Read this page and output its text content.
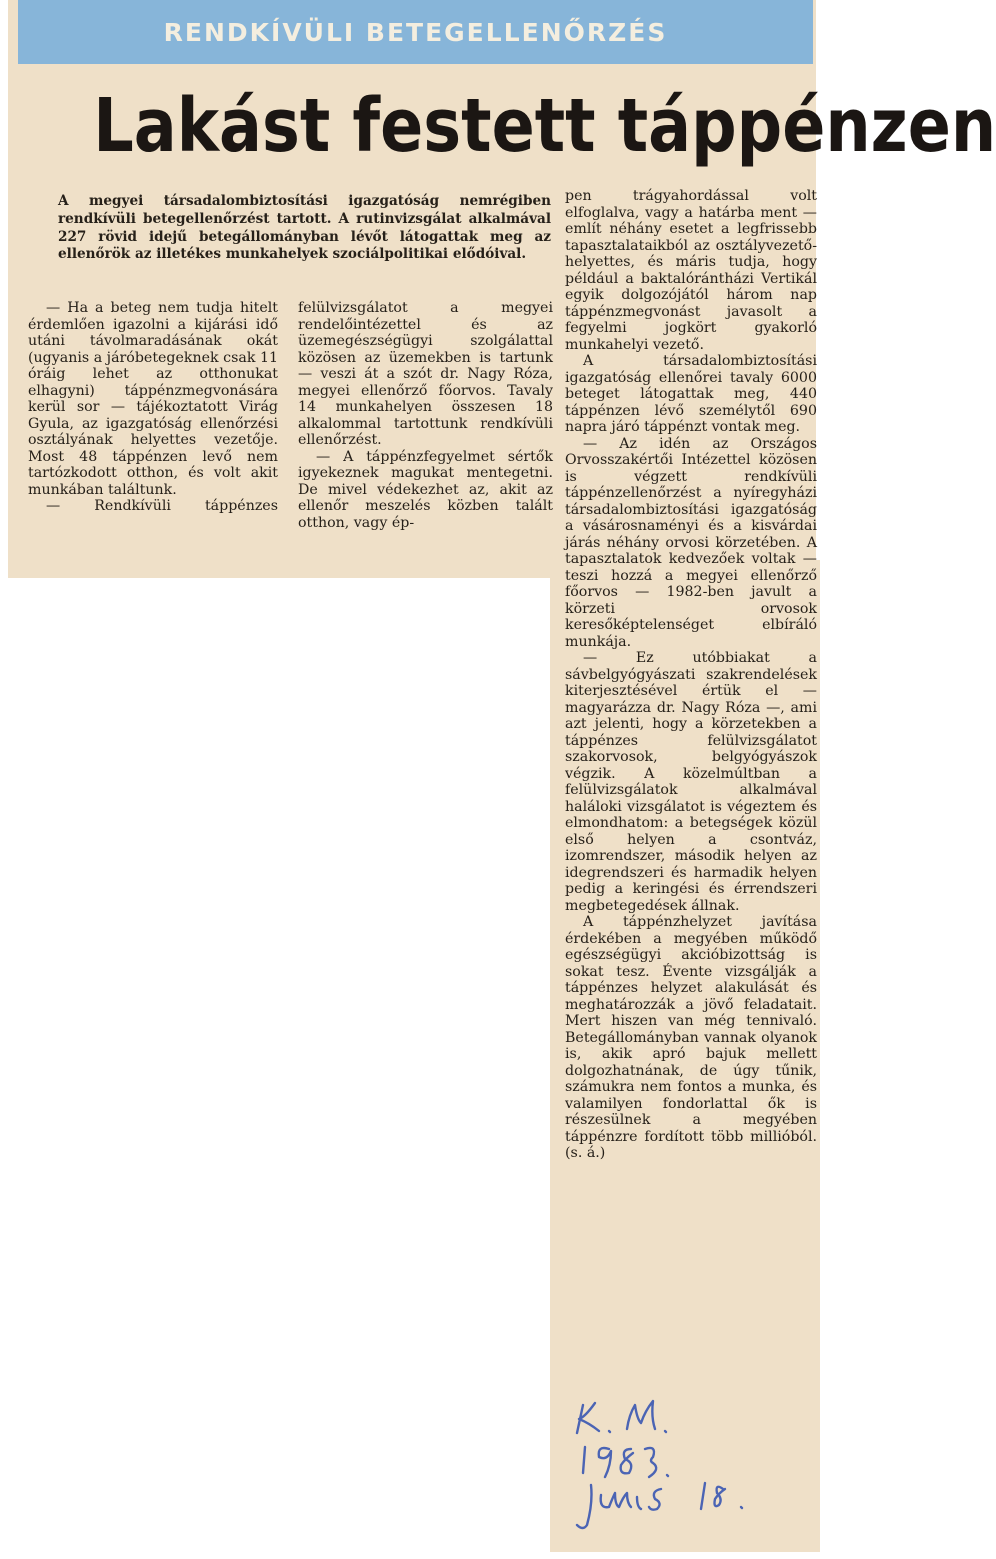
RENDKÍVÜLI BETEGELLENŐRZÉS
Lakást festett táppénzen

A megyei társadalombiztosítási igazgatóság nemrégiben rendkívüli betegellenőrzést tartott. A rutinvizsgálat alkalmával 227 rövid idejű betegállományban lévőt látogattak meg az ellenőrök az illetékes munkahelyek szociálpolitikai elődóival.

— Ha a beteg nem tudja hitelt érdemlően igazolni a kijárási idő utáni távolmaradásának okát (ugyanis a járóbetegeknek csak 11 óráig lehet az otthonukat elhagyni) táppénzmegvonására kerül sor — tájékoztatott Virág Gyula, az igazgatóság ellenőrzési osztályának helyettes vezetője. Most 48 táppénzen levő nem tartózkodott otthon, és volt akit munkában találtunk.

— Rendkívüli táppénzes

felülvizsgálatot a megyei rendelőintézettel és az üzemegészségügyi szolgálattal közösen az üzemekben is tartunk — veszi át a szót dr. Nagy Róza, megyei ellenőrző főorvos. Tavaly 14 munkahelyen összesen 18 alkalommal tartottunk rendkívüli ellenőrzést.

— A táppénzfegyelmet sértők igyekeznek magukat mentegetni. De mivel védekezhet az, akit az ellenőr meszelés közben talált otthon, vagy ép-

pen trágyahordással volt elfoglalva, vagy a határba ment — említ néhány esetet a legfrissebb tapasztalataikból az osztályvezető-helyettes, és máris tudja, hogy például a baktalórántházi Vertikál egyik dolgozójától három nap táppénzmegvonást javasolt a fegyelmi jogkört gyakorló munkahelyi vezető.

A társadalombiztosítási igazgatóság ellenőrei tavaly 6000 beteget látogattak meg, 440 táppénzen lévő személytől 690 napra járó táppénzt vontak meg.

— Az idén az Országos Orvosszakértői Intézettel közösen is végzett rendkívüli táppénzellenőrzést a nyíregyházi társadalombiztosítási igazgatóság a vásárosnaményi és a kisvárdai járás néhány orvosi körzetében. A tapasztalatok kedvezőek voltak — teszi hozzá a megyei ellenőrző főorvos — 1982-ben javult a körzeti orvosok keresőképtelenséget elbíráló munkája.

— Ez utóbbiakat a sávbelgyógyászati szakrendelések kiterjesztésével értük el — magyarázza dr. Nagy Róza —, ami azt jelenti, hogy a körzetekben a táppénzes felülvizsgálatot szakorvosok, belgyógyászok végzik. A közelmúltban a felülvizsgálatok alkalmával haláloki vizsgálatot is végeztem és elmondhatom: a betegségek közül első helyen a csontváz, izomrendszer, második helyen az idegrendszeri és harmadik helyen pedig a keringési és érrendszeri megbetegedések állnak.

A táppénzhelyzet javítása érdekében a megyében működő egészségügyi akcióbizottság is sokat tesz. Évente vizsgálják a táppénzes helyzet alakulását és meghatározzák a jövő feladatait. Mert hiszen van még tennivaló. Betegállományban vannak olyanok is, akik apró bajuk mellett dolgozhatnának, de úgy tűnik, számukra nem fontos a munka, és valamilyen fondorlattal ők is részesülnek a megyében táppénzre fordított több millióból. (s. á.)
